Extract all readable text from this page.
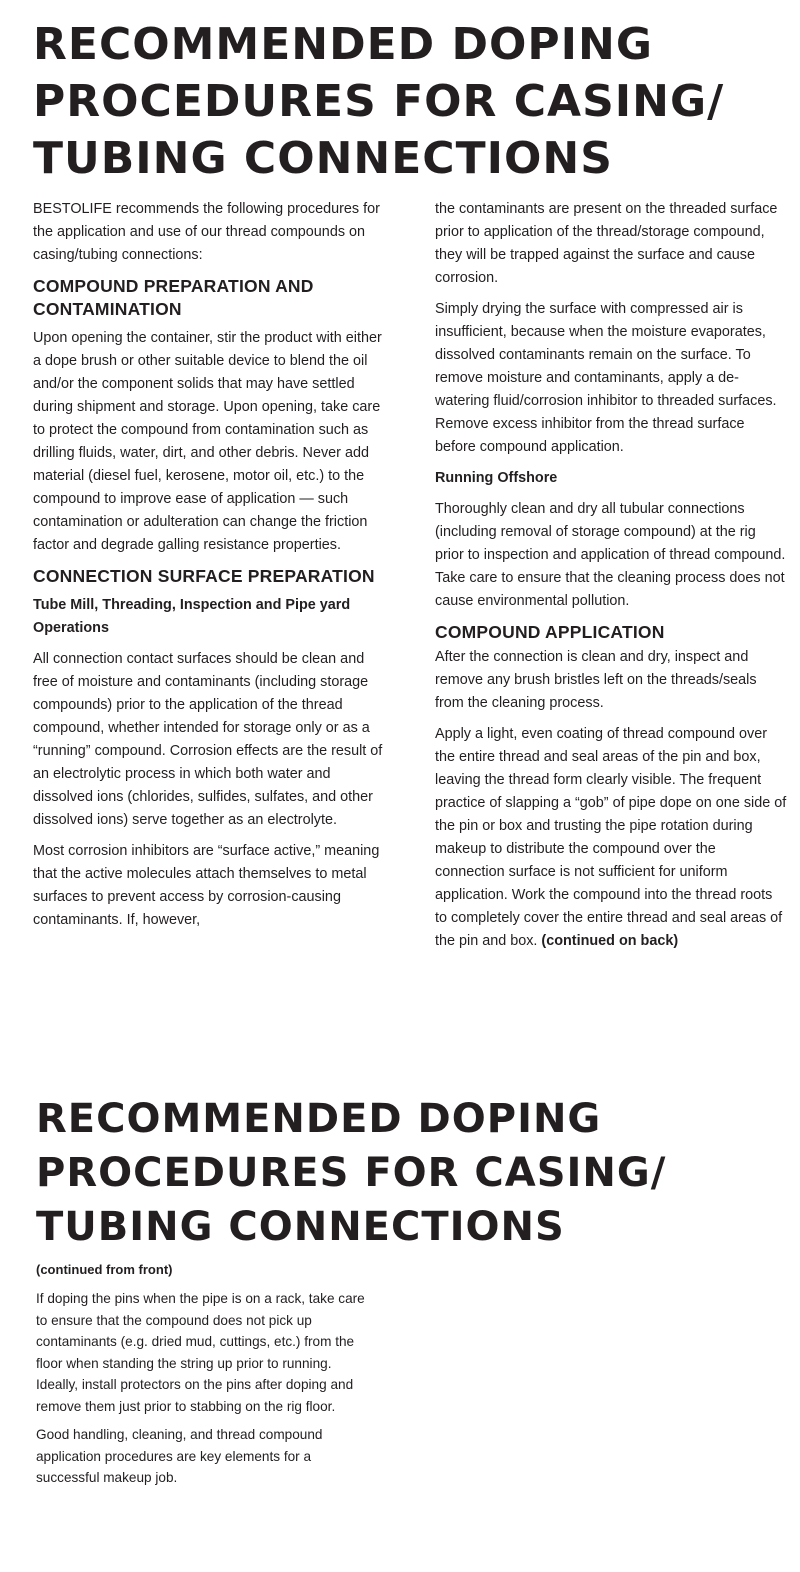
RECOMMENDED DOPING
PROCEDURES FOR CASING/
TUBING CONNECTIONS

BESTOLIFE recommends the following procedures for the application and use of our thread compounds on casing/tubing connections:

COMPOUND PREPARATION AND CONTAMINATION

Upon opening the container, stir the product with either a dope brush or other suitable device to blend the oil and/or the component solids that may have settled during shipment and storage. Upon opening, take care to protect the compound from contamination such as drilling fluids, water, dirt, and other debris. Never add material (diesel fuel, kerosene, motor oil, etc.) to the compound to improve ease of application — such contamination or adulteration can change the friction factor and degrade galling resistance properties.

CONNECTION SURFACE PREPARATION
Tube Mill, Threading, Inspection and Pipe yard Operations

All connection contact surfaces should be clean and free of moisture and contaminants (including storage compounds) prior to the application of the thread compound, whether intended for storage only or as a “running” compound. Corrosion effects are the result of an electrolytic process in which both water and dissolved ions (chlorides, sulfides, sulfates, and other dissolved ions) serve together as an electrolyte.

Most corrosion inhibitors are “surface active,” meaning that the active molecules attach themselves to metal surfaces to prevent access by corrosion-causing contaminants. If, however,

the contaminants are present on the threaded surface prior to application of the thread/storage compound, they will be trapped against the surface and cause corrosion.

Simply drying the surface with compressed air is insufficient, because when the moisture evaporates, dissolved contaminants remain on the surface. To remove moisture and contaminants, apply a de-watering fluid/corrosion inhibitor to threaded surfaces. Remove excess inhibitor from the thread surface before compound application.

Running Offshore

Thoroughly clean and dry all tubular connections (including removal of storage compound) at the rig prior to inspection and application of thread compound. Take care to ensure that the cleaning process does not cause environmental pollution.

COMPOUND APPLICATION

After the connection is clean and dry, inspect and remove any brush bristles left on the threads/seals from the cleaning process.

Apply a light, even coating of thread compound over the entire thread and seal areas of the pin and box, leaving the thread form clearly visible. The frequent practice of slapping a “gob” of pipe dope on one side of the pin or box and trusting the pipe rotation during makeup to distribute the compound over the connection surface is not sufficient for uniform application. Work the compound into the thread roots to completely cover the entire thread and seal areas of the pin and box. (continued on back)

RECOMMENDED DOPING
PROCEDURES FOR CASING/
TUBING CONNECTIONS
(continued from front)

If doping the pins when the pipe is on a rack, take care to ensure that the compound does not pick up contaminants (e.g. dried mud, cuttings, etc.) from the floor when standing the string up prior to running. Ideally, install protectors on the pins after doping and remove them just prior to stabbing on the rig floor.

Good handling, cleaning, and thread compound application procedures are key elements for a successful makeup job.
